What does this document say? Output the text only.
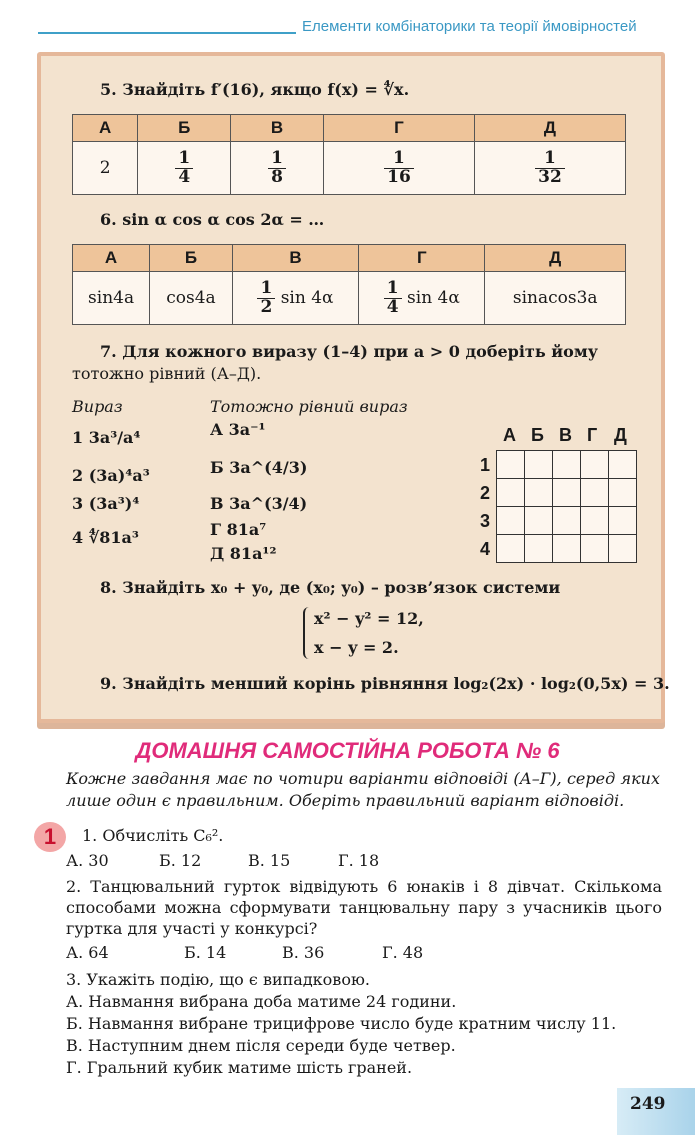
Елементи комбінаторики та теорії ймовірностей
5. Знайдіть f′(16), якщо f(x) = ∜x.
А	Б	В	Г	Д
2	$\frac{1}{4}$	$\frac{1}{8}$	$\frac{1}{16}$	$\frac{1}{32}$
6. sin α cos α cos 2α = …
А	Б	В	Г	Д
sin4a	cos4a	$\frac{1}{2}$ sin 4α	$\frac{1}{4}$ sin 4α	sinacos3a
7. Для кожного виразу (1–4) при a > 0 доберіть йому
тотожно рівний (А–Д).
Вираз	Тотожно рівний вираз
1 3a³/a⁴
2 (3a)⁴a³
3 (3a³)⁴
4 ∜81a³
А 3a⁻¹
Б 3a^(4/3)
В 3a^(3/4)
Г 81a⁷
Д 81a¹²
А Б В Г Д
1
2
3
4

8. Знайдіть x₀ + y₀, де (x₀; y₀) – розв’язок системи
x² − y² = 12,
x − y = 2.
9. Знайдіть менший корінь рівняння log₂(2x) · log₂(0,5x) = 3.
ДОМАШНЯ САМОСТІЙНА РОБОТА № 6
Кожне завдання має по чотири варіанти відповіді (А–Г), серед яких лише один є правильним. Оберіть правильний варіант відповіді.
1	1. Обчисліть C₆².
А. 30	Б. 12	В. 15	Г. 18
2. Танцювальний гурток відвідують 6 юнаків і 8 дівчат. Скількома способами можна сформувати танцювальну пару з учасників цього гуртка для участі у конкурсі?
А. 64	Б. 14	В. 36	Г. 48
3. Укажіть подію, що є випадковою.
А. Навмання вибрана доба матиме 24 години.
Б. Навмання вибране трицифрове число буде кратним числу 11.
В. Наступним днем після середи буде четвер.
Г. Гральний кубик матиме шість граней.
249
